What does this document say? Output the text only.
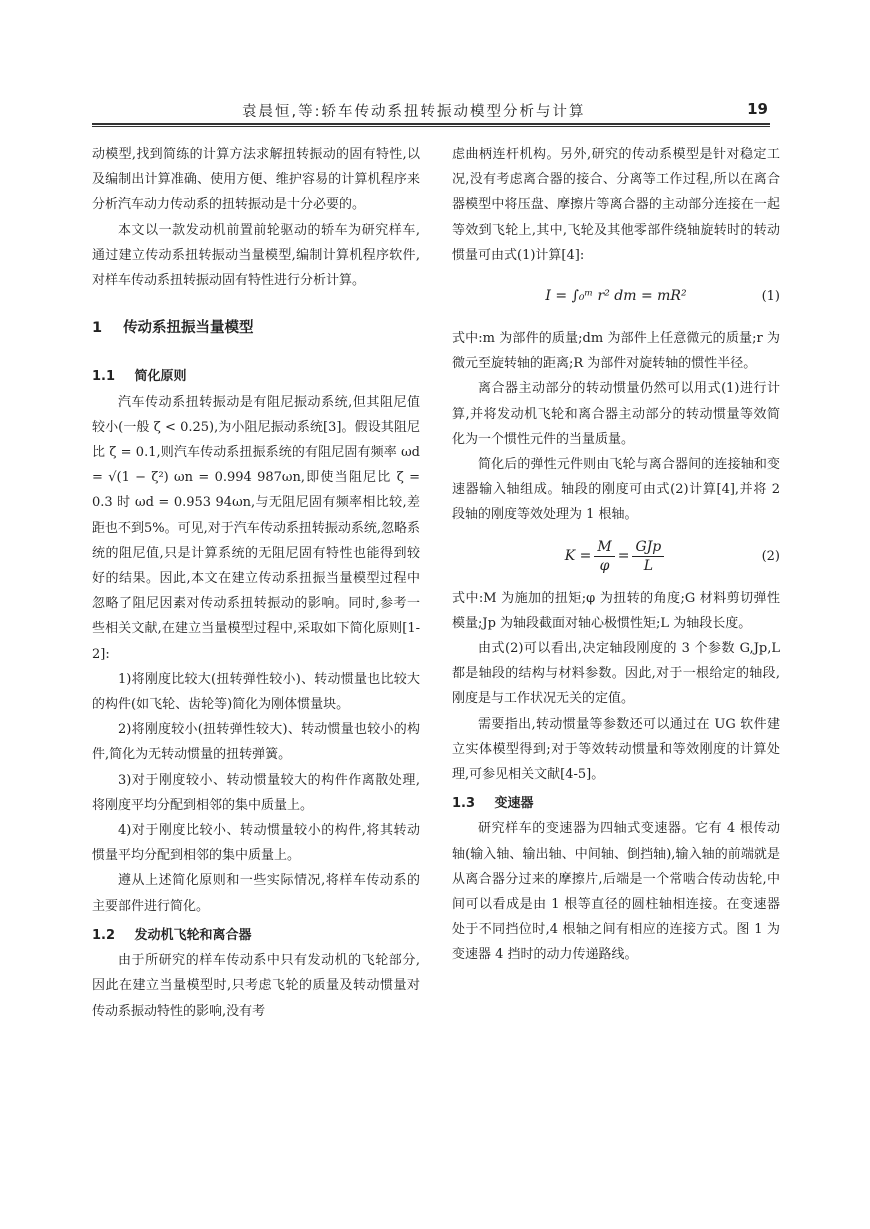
袁晨恒,等:轿车传动系扭转振动模型分析与计算	19

动模型,找到简练的计算方法求解扭转振动的固有特性,以及编制出计算准确、使用方便、维护容易的计算机程序来分析汽车动力传动系的扭转振动是十分必要的。

本文以一款发动机前置前轮驱动的轿车为研究样车,通过建立传动系扭转振动当量模型,编制计算机程序软件,对样车传动系扭转振动固有特性进行分析计算。

1 传动系扭振当量模型
1.1 简化原则

汽车传动系扭转振动是有阻尼振动系统,但其阻尼值较小(一般 ζ < 0.25),为小阻尼振动系统[3]。假设其阻尼比 ζ = 0.1,则汽车传动系扭振系统的有阻尼固有频率 ωd = √(1 − ζ²) ωn = 0.994 987ωn,即使当阻尼比 ζ = 0.3 时 ωd = 0.953 94ωn,与无阻尼固有频率相比较,差距也不到5%。可见,对于汽车传动系扭转振动系统,忽略系统的阻尼值,只是计算系统的无阻尼固有特性也能得到较好的结果。因此,本文在建立传动系扭振当量模型过程中忽略了阻尼因素对传动系扭转振动的影响。同时,参考一些相关文献,在建立当量模型过程中,采取如下简化原则[1-2]:

1)将刚度比较大(扭转弹性较小)、转动惯量也比较大的构件(如飞轮、齿轮等)简化为刚体惯量块。

2)将刚度较小(扭转弹性较大)、转动惯量也较小的构件,简化为无转动惯量的扭转弹簧。

3)对于刚度较小、转动惯量较大的构件作离散处理,将刚度平均分配到相邻的集中质量上。

4)对于刚度比较小、转动惯量较小的构件,将其转动惯量平均分配到相邻的集中质量上。

遵从上述简化原则和一些实际情况,将样车传动系的主要部件进行简化。

1.2 发动机飞轮和离合器

由于所研究的样车传动系中只有发动机的飞轮部分,因此在建立当量模型时,只考虑飞轮的质量及转动惯量对传动系振动特性的影响,没有考

虑曲柄连杆机构。另外,研究的传动系模型是针对稳定工况,没有考虑离合器的接合、分离等工作过程,所以在离合器模型中将压盘、摩擦片等离合器的主动部分连接在一起等效到飞轮上,其中,飞轮及其他零部件绕轴旋转时的转动惯量可由式(1)计算[4]:

I = ∫₀ᵐ r² dm = mR²	(1)

式中:m 为部件的质量;dm 为部件上任意微元的质量;r 为微元至旋转轴的距离;R 为部件对旋转轴的惯性半径。

离合器主动部分的转动惯量仍然可以用式(1)进行计算,并将发动机飞轮和离合器主动部分的转动惯量等效简化为一个惯性元件的当量质量。

简化后的弹性元件则由飞轮与离合器间的连接轴和变速器输入轴组成。轴段的刚度可由式(2)计算[4],并将 2 段轴的刚度等效处理为 1 根轴。

$K = \frac{M}{\varphi} = \frac{\text{GJp}}{L}$	(2)

式中:M 为施加的扭矩;φ 为扭转的角度;G 材料剪切弹性模量;Jp 为轴段截面对轴心极惯性矩;L 为轴段长度。

由式(2)可以看出,决定轴段刚度的 3 个参数 G,Jp,L 都是轴段的结构与材料参数。因此,对于一根给定的轴段,刚度是与工作状况无关的定值。

需要指出,转动惯量等参数还可以通过在 UG 软件建立实体模型得到;对于等效转动惯量和等效刚度的计算处理,可参见相关文献[4-5]。

1.3 变速器

研究样车的变速器为四轴式变速器。它有 4 根传动轴(输入轴、输出轴、中间轴、倒挡轴),输入轴的前端就是从离合器分过来的摩擦片,后端是一个常啮合传动齿轮,中间可以看成是由 1 根等直径的圆柱轴相连接。在变速器处于不同挡位时,4 根轴之间有相应的连接方式。图 1 为变速器 4 挡时的动力传递路线。
